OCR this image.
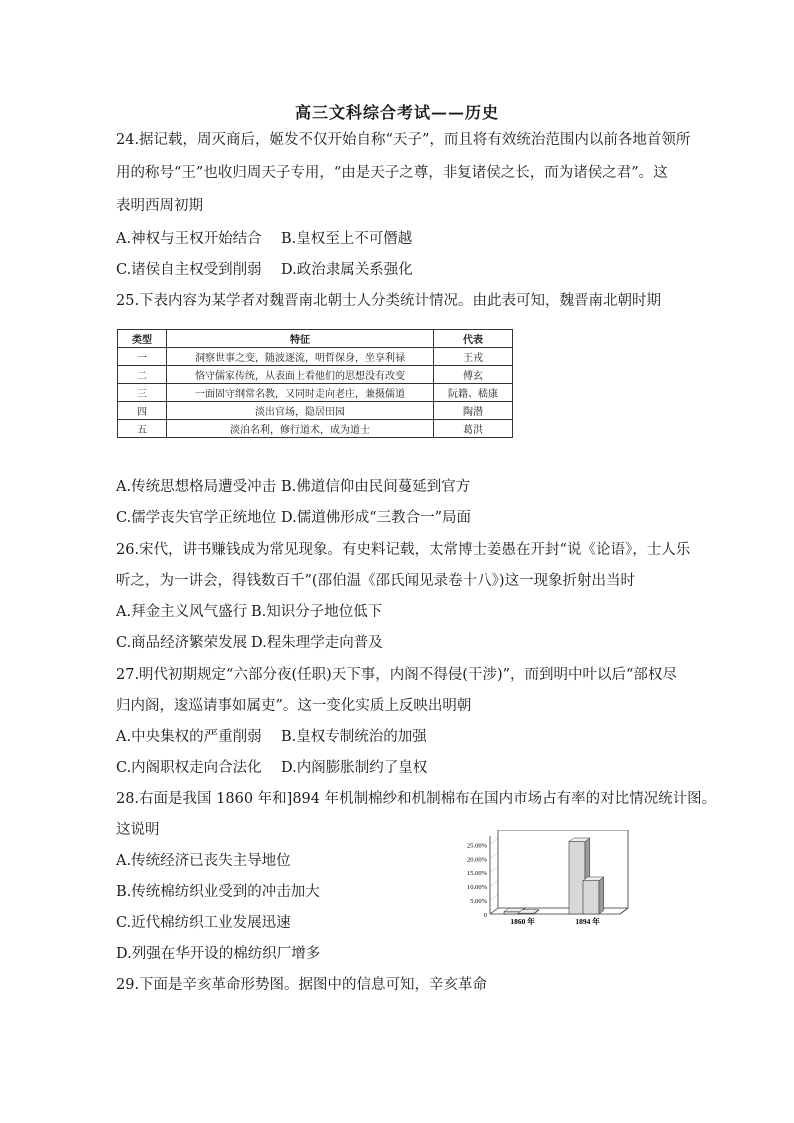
高三文科综合考试——历史
24.据记载，周灭商后，姬发不仅开始自称“天子”，而且将有效统治范围内以前各地首领所
用的称号“王”也收归周天子专用，“由是天子之尊，非复诸侯之长，而为诸侯之君”。这
表明西周初期
A.神权与王权开始结合 B.皇权至上不可僭越
C.诸侯自主权受到削弱 D.政治隶属关系强化
25.下表内容为某学者对魏晋南北朝士人分类统计情况。由此表可知，魏晋南北朝时期
类型	特征	代表
一	洞察世事之变，随波逐流，明哲保身，坐享利禄	王戎
二	恪守儒家传统，从表面上看他们的思想没有改变	傅玄
三	一面固守纲常名教，又同时走向老庄，兼摄儒道	阮籍、嵇康
四	淡出官场，隐居田园	陶潜
五	淡泊名利，修行道术，成为道士	葛洪
A.传统思想格局遭受冲击 B.佛道信仰由民间蔓延到官方
C.儒学丧失官学正统地位 D.儒道佛形成“三教合一”局面
26.宋代，讲书赚钱成为常见现象。有史料记载，太常博士姜愚在开封“说《论语》，士人乐
听之，为一讲会，得钱数百千”(邵伯温《邵氏闻见录卷十八》)这一现象折射出当时
A.拜金主义风气盛行 B.知识分子地位低下
C.商品经济繁荣发展 D.程朱理学走向普及
27.明代初期规定“六部分夜(任职)天下事，内阁不得侵(干涉)”，而到明中叶以后“部权尽
归内阁，逡巡请事如属吏”。这一变化实质上反映出明朝
A.中央集权的严重削弱 B.皇权专制统治的加强
C.内阁职权走向合法化 D.内阁膨胀制约了皇权
28.右面是我国 1860 年和]894 年机制棉纱和机制棉布在国内市场占有率的对比情况统计图。
这说明
A.传统经济已丧失主导地位
B.传统棉纺织业受到的冲击加大
C.近代棉纺织工业发展迅速
D.列强在华开设的棉纺织厂增多
25.00%
20.00%
15.00%
10.00%
5.00%
0
1860 年	1894 年
29.下面是辛亥革命形势图。据图中的信息可知，辛亥革命
